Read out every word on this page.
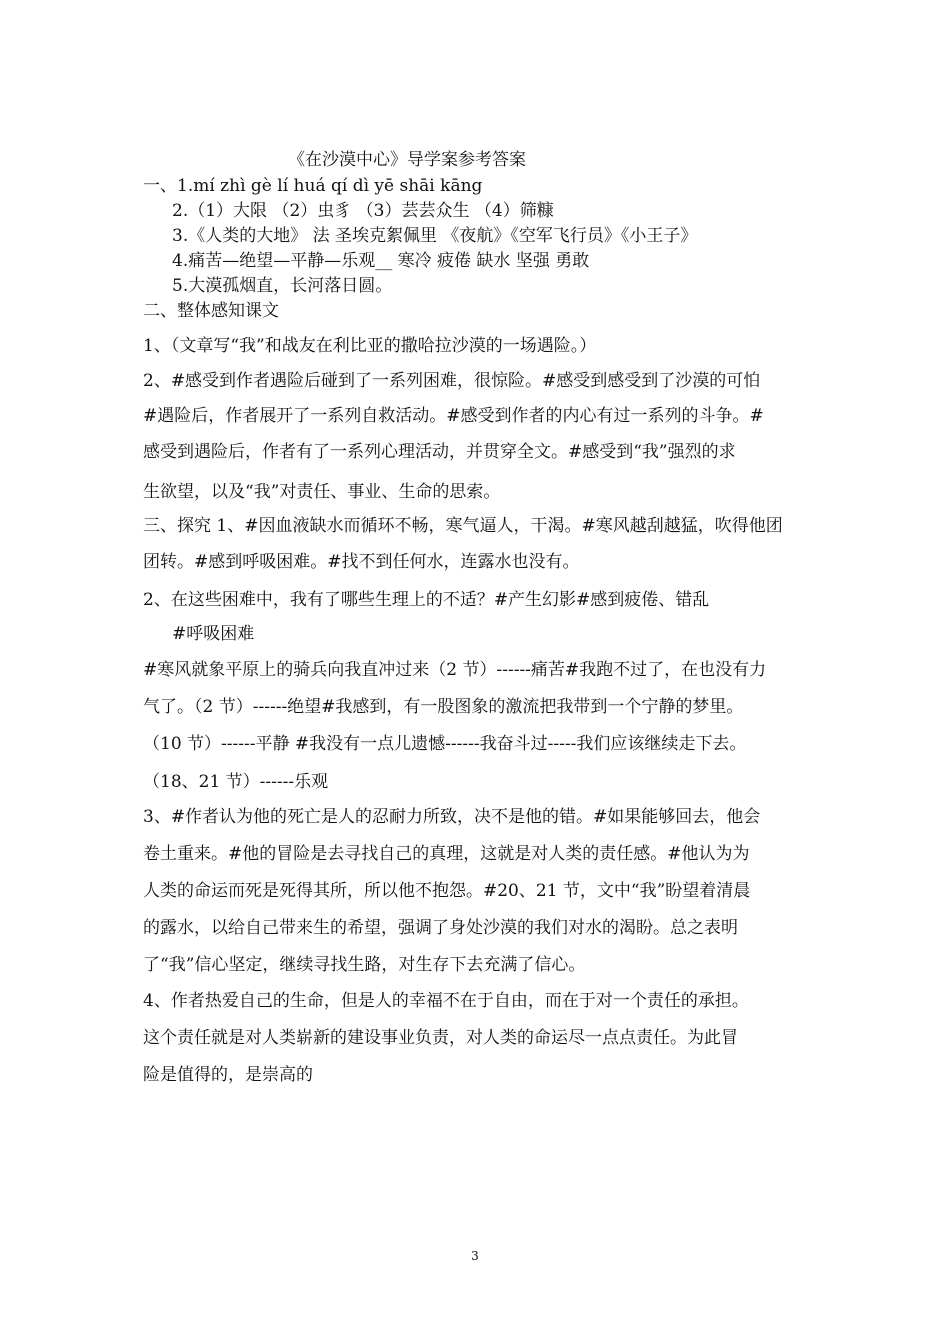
《在沙漠中心》导学案参考答案
一、1.mí zhì gè lí huá qí dì yē shāi kāng
2.（1）大限 （2）虫豸 （3）芸芸众生 （4）筛糠
3.《人类的大地》 法 圣埃克絮佩里 《夜航》《空军飞行员》《小王子》
4.痛苦—绝望—平静—乐观__ 寒冷 疲倦 缺水 坚强 勇敢
5.大漠孤烟直，长河落日圆。
二、整体感知课文
1、（文章写“我”和战友在利比亚的撒哈拉沙漠的一场遇险。）
2、#感受到作者遇险后碰到了一系列困难，很惊险。#感受到感受到了沙漠的可怕
#遇险后，作者展开了一系列自救活动。#感受到作者的内心有过一系列的斗争。#
感受到遇险后，作者有了一系列心理活动，并贯穿全文。#感受到“我”强烈的求
生欲望，以及“我”对责任、事业、生命的思索。
三、探究 1、#因血液缺水而循环不畅，寒气逼人，干渴。#寒风越刮越猛，吹得他团
团转。#感到呼吸困难。#找不到任何水，连露水也没有。
2、在这些困难中，我有了哪些生理上的不适？#产生幻影#感到疲倦、错乱
#呼吸困难
#寒风就象平原上的骑兵向我直冲过来（2 节）------痛苦#我跑不过了，在也没有力
气了。（2 节）------绝望#我感到，有一股图象的激流把我带到一个宁静的梦里。
（10 节）------平静 #我没有一点儿遗憾------我奋斗过-----我们应该继续走下去。
（18、21 节）------乐观
3、#作者认为他的死亡是人的忍耐力所致，决不是他的错。#如果能够回去，他会
卷土重来。#他的冒险是去寻找自己的真理，这就是对人类的责任感。#他认为为
人类的命运而死是死得其所，所以他不抱怨。#20、21 节，文中“我”盼望着清晨
的露水，以给自己带来生的希望，强调了身处沙漠的我们对水的渴盼。总之表明
了“我”信心坚定，继续寻找生路，对生存下去充满了信心。
4、作者热爱自己的生命，但是人的幸福不在于自由，而在于对一个责任的承担。
这个责任就是对人类崭新的建设事业负责，对人类的命运尽一点点责任。为此冒
险是值得的，是崇高的
3
